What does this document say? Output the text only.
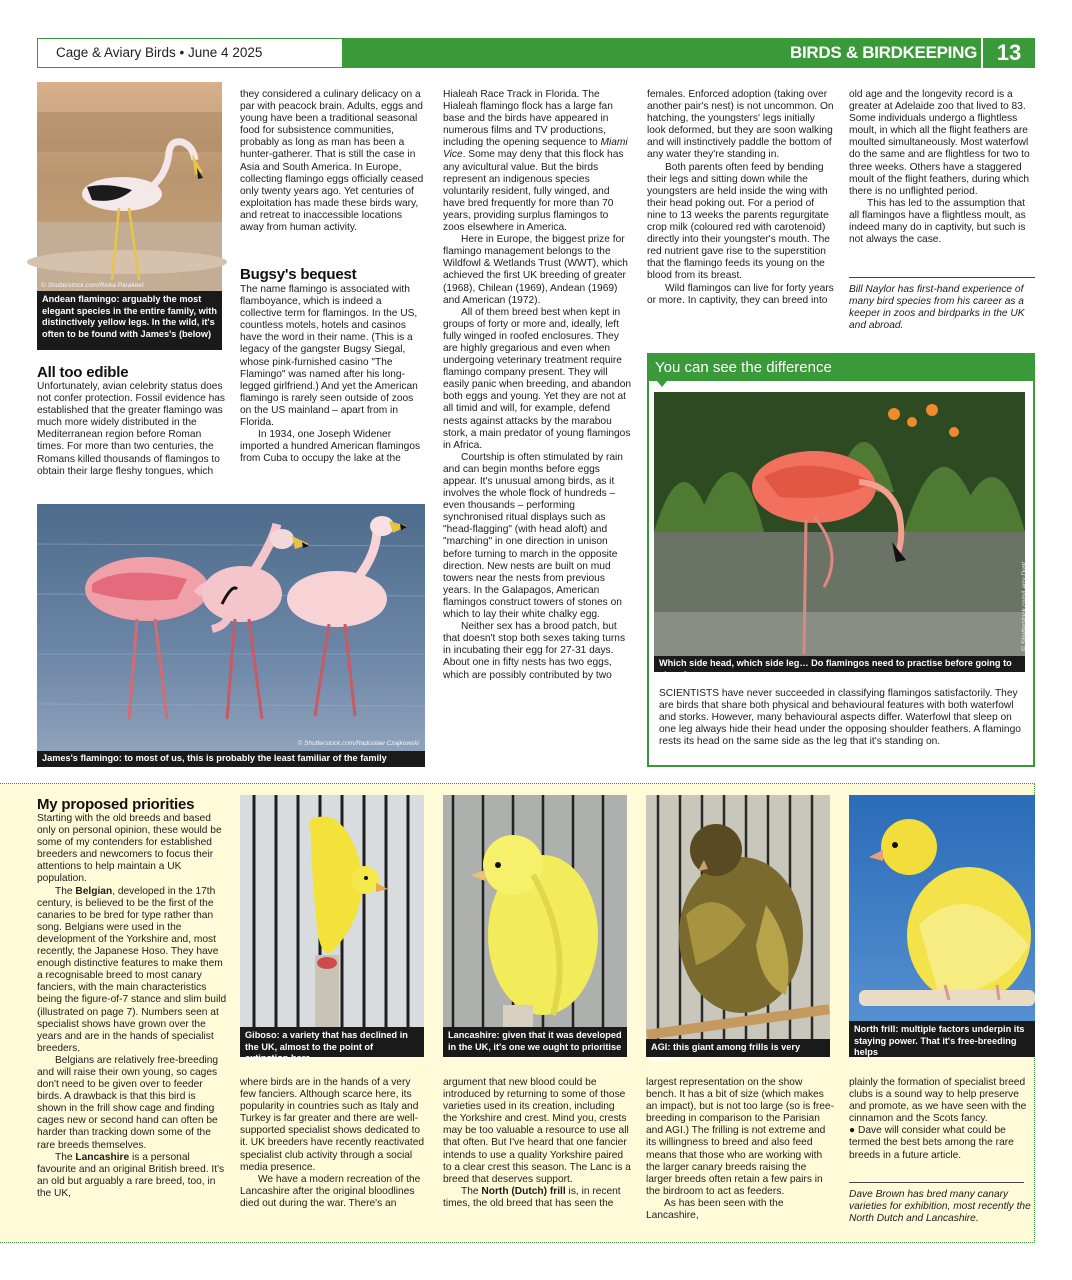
Cage & Aviary Birds • June 4 2025	BIRDS & BIRDKEEPING 13
© Shutterstock.com/Riska Parakeet
Andean flamingo: arguably the most elegant species in the entire family, with distinctively yellow legs. In the wild, it's often to be found with James's (below)
All too edible

Unfortunately, avian celebrity status does not confer protection. Fossil evidence has established that the greater flamingo was much more widely distributed in the Mediterranean region before Roman times. For more than two centuries, the Romans killed thousands of flamingos to obtain their large fleshy tongues, which

they considered a culinary delicacy on a par with peacock brain. Adults, eggs and young have been a traditional seasonal food for subsistence communities, probably as long as man has been a hunter-gatherer. That is still the case in Asia and South America. In Europe, collecting flamingo eggs officially ceased only twenty years ago. Yet centuries of exploitation has made these birds wary, and retreat to inaccessible locations away from human activity.

Bugsy's bequest

The name flamingo is associated with flamboyance, which is indeed a collective term for flamingos. In the US, countless motels, hotels and casinos have the word in their name. (This is a legacy of the gangster Bugsy Siegal, whose pink-furnished casino "The Flamingo" was named after his long-legged girlfriend.) And yet the American flamingo is rarely seen outside of zoos on the US mainland – apart from in Florida.

In 1934, one Joseph Widener imported a hundred American flamingos from Cuba to occupy the lake at the

© Shutterstock.com/Radoslaw Czajkowski
James's flamingo: to most of us, this is probably the least familiar of the family

Hialeah Race Track in Florida. The Hialeah flamingo flock has a large fan base and the birds have appeared in numerous films and TV productions, including the opening sequence to Miami Vice. Some may deny that this flock has any avicultural value. But the birds represent an indigenous species voluntarily resident, fully winged, and have bred frequently for more than 70 years, providing surplus flamingos to zoos elsewhere in America.

Here in Europe, the biggest prize for flamingo management belongs to the Wildfowl & Wetlands Trust (WWT), which achieved the first UK breeding of greater (1968), Chilean (1969), Andean (1969) and American (1972).

All of them breed best when kept in groups of forty or more and, ideally, left fully winged in roofed enclosures. They are highly gregarious and even when undergoing veterinary treatment require flamingo company present. They will easily panic when breeding, and abandon both eggs and young. Yet they are not at all timid and will, for example, defend nests against attacks by the marabou stork, a main predator of young flamingos in Africa.

Courtship is often stimulated by rain and can begin months before eggs appear. It's unusual among birds, as it involves the whole flock of hundreds – even thousands – performing synchronised ritual displays such as "head-flagging" (with head aloft) and "marching" in one direction in unison before turning to march in the opposite direction. New nests are built on mud towers near the nests from previous years. In the Galapagos, American flamingos construct towers of stones on which to lay their white chalky egg.

Neither sex has a brood patch, but that doesn't stop both sexes taking turns in incubating their egg for 27-31 days. About one in fifty nests has two eggs, which are possibly contributed by two

females. Enforced adoption (taking over another pair's nest) is not uncommon. On hatching, the youngsters' legs initially look deformed, but they are soon walking and will instinctively paddle the bottom of any water they're standing in.

Both parents often feed by bending their legs and sitting down while the youngsters are held inside the wing with their head poking out. For a period of nine to 13 weeks the parents regurgitate crop milk (coloured red with carotenoid) directly into their youngster's mouth. The red nutrient gave rise to the superstition that the flamingo feeds its young on the blood from its breast.

Wild flamingos can live for forty years or more. In captivity, they can breed into

old age and the longevity record is a greater at Adelaide zoo that lived to 83. Some individuals undergo a flightless moult, in which all the flight feathers are moulted simultaneously. Most waterfowl do the same and are flightless for two to three weeks. Others have a staggered moult of the flight feathers, during which there is no unflighted period.

This has led to the assumption that all flamingos have a flightless moult, as indeed many do in captivity, but such is not always the case.

Bill Naylor has first-hand experience of many bird species from his career as a keeper in zoos and birdparks in the UK and abroad.
You can see the difference
© Shutterstock.com/Larry Dunt
Which side head, which side leg… Do flamingos need to practise before going to sleep?
SCIENTISTS have never succeeded in classifying flamingos satisfactorily. They are birds that share both physical and behavioural features with both waterfowl and storks. However, many behavioural aspects differ. Waterfowl that sleep on one leg always hide their head under the opposing shoulder feathers. A flamingo rests its head on the same side as the leg that it's standing on.
My proposed priorities

Starting with the old breeds and based only on personal opinion, these would be some of my contenders for established breeders and newcomers to focus their attentions to help maintain a UK population.

The Belgian, developed in the 17th century, is believed to be the first of the canaries to be bred for type rather than song. Belgians were used in the development of the Yorkshire and, most recently, the Japanese Hoso. They have enough distinctive features to make them a recognisable breed to most canary fanciers, with the main characteristics being the figure-of-7 stance and slim build (illustrated on page 7). Numbers seen at specialist shows have grown over the years and are in the hands of specialist breeders.

Belgians are relatively free-breeding and will raise their own young, so cages don't need to be given over to feeder birds. A drawback is that this bird is shown in the frill show cage and finding cages new or second hand can often be harder than tracking down some of the rare breeds themselves.

The Lancashire is a personal favourite and an original British breed. It's an old but arguably a rare breed, too, in the UK,

Giboso: a variety that has declined in the UK, almost to the point of extinction here
Lancashire: given that it was developed in the UK, it's one we ought to prioritise	AGI: this giant among frills is very scarce
North frill: multiple factors underpin its staying power. That it's free-breeding helps

where birds are in the hands of a very few fanciers. Although scarce here, its popularity in countries such as Italy and Turkey is far greater and there are well-supported specialist shows dedicated to it. UK breeders have recently reactivated specialist club activity through a social media presence.

We have a modern recreation of the Lancashire after the original bloodlines died out during the war. There's an

argument that new blood could be introduced by returning to some of those varieties used in its creation, including the Yorkshire and crest. Mind you, crests may be too valuable a resource to use all that often. But I've heard that one fancier intends to use a quality Yorkshire paired to a clear crest this season. The Lanc is a breed that deserves support.

The North (Dutch) frill is, in recent times, the old breed that has seen the

largest representation on the show bench. It has a bit of size (which makes an impact), but is not too large (so is free-breeding in comparison to the Parisian and AGI.) The frilling is not extreme and its willingness to breed and also feed means that those who are working with the larger canary breeds raising the larger breeds often retain a few pairs in the birdroom to act as feeders.

As has been seen with the Lancashire,

plainly the formation of specialist breed clubs is a sound way to help preserve and promote, as we have seen with the cinnamon and the Scots fancy.

● Dave will consider what could be termed the best bets among the rare breeds in a future article.

Dave Brown has bred many canary varieties for exhibition, most recently the North Dutch and Lancashire.
